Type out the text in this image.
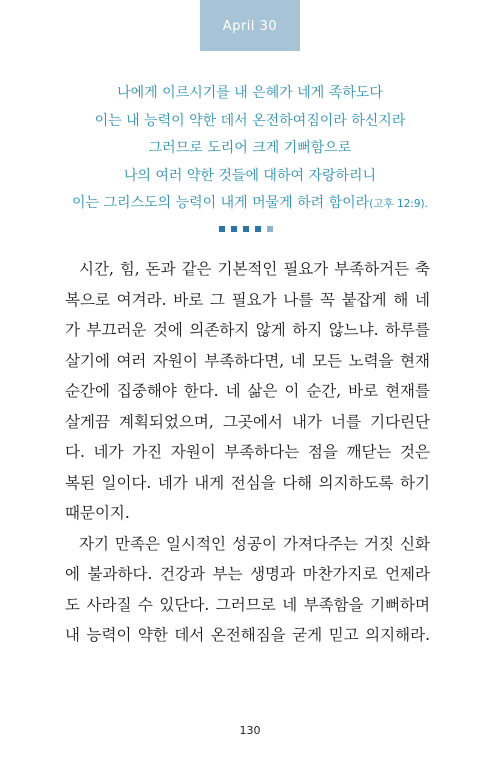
April 30
나에게 이르시기를 내 은혜가 네게 족하도다
이는 내 능력이 약한 데서 온전하여짐이라 하신지라
그러므로 도리어 크게 기뻐함으로
나의 여러 약한 것들에 대하여 자랑하리니
이는 그리스도의 능력이 내게 머물게 하려 함이라(고후 12:9).

시간, 힘, 돈과 같은 기본적인 필요가 부족하거든 축
복으로 여겨라. 바로 그 필요가 나를 꼭 붙잡게 해 네
가 부끄러운 것에 의존하지 않게 하지 않느냐. 하루를
살기에 여러 자원이 부족하다면, 네 모든 노력을 현재
순간에 집중해야 한다. 네 삶은 이 순간, 바로 현재를
살게끔 계획되었으며, 그곳에서 내가 너를 기다린단
다. 네가 가진 자원이 부족하다는 점을 깨닫는 것은
복된 일이다. 네가 내게 전심을 다해 의지하도록 하기
때문이지.

자기 만족은 일시적인 성공이 가져다주는 거짓 신화
에 불과하다. 건강과 부는 생명과 마찬가지로 언제라
도 사라질 수 있단다. 그러므로 네 부족함을 기뻐하며
내 능력이 약한 데서 온전해짐을 굳게 믿고 의지해라.

130
